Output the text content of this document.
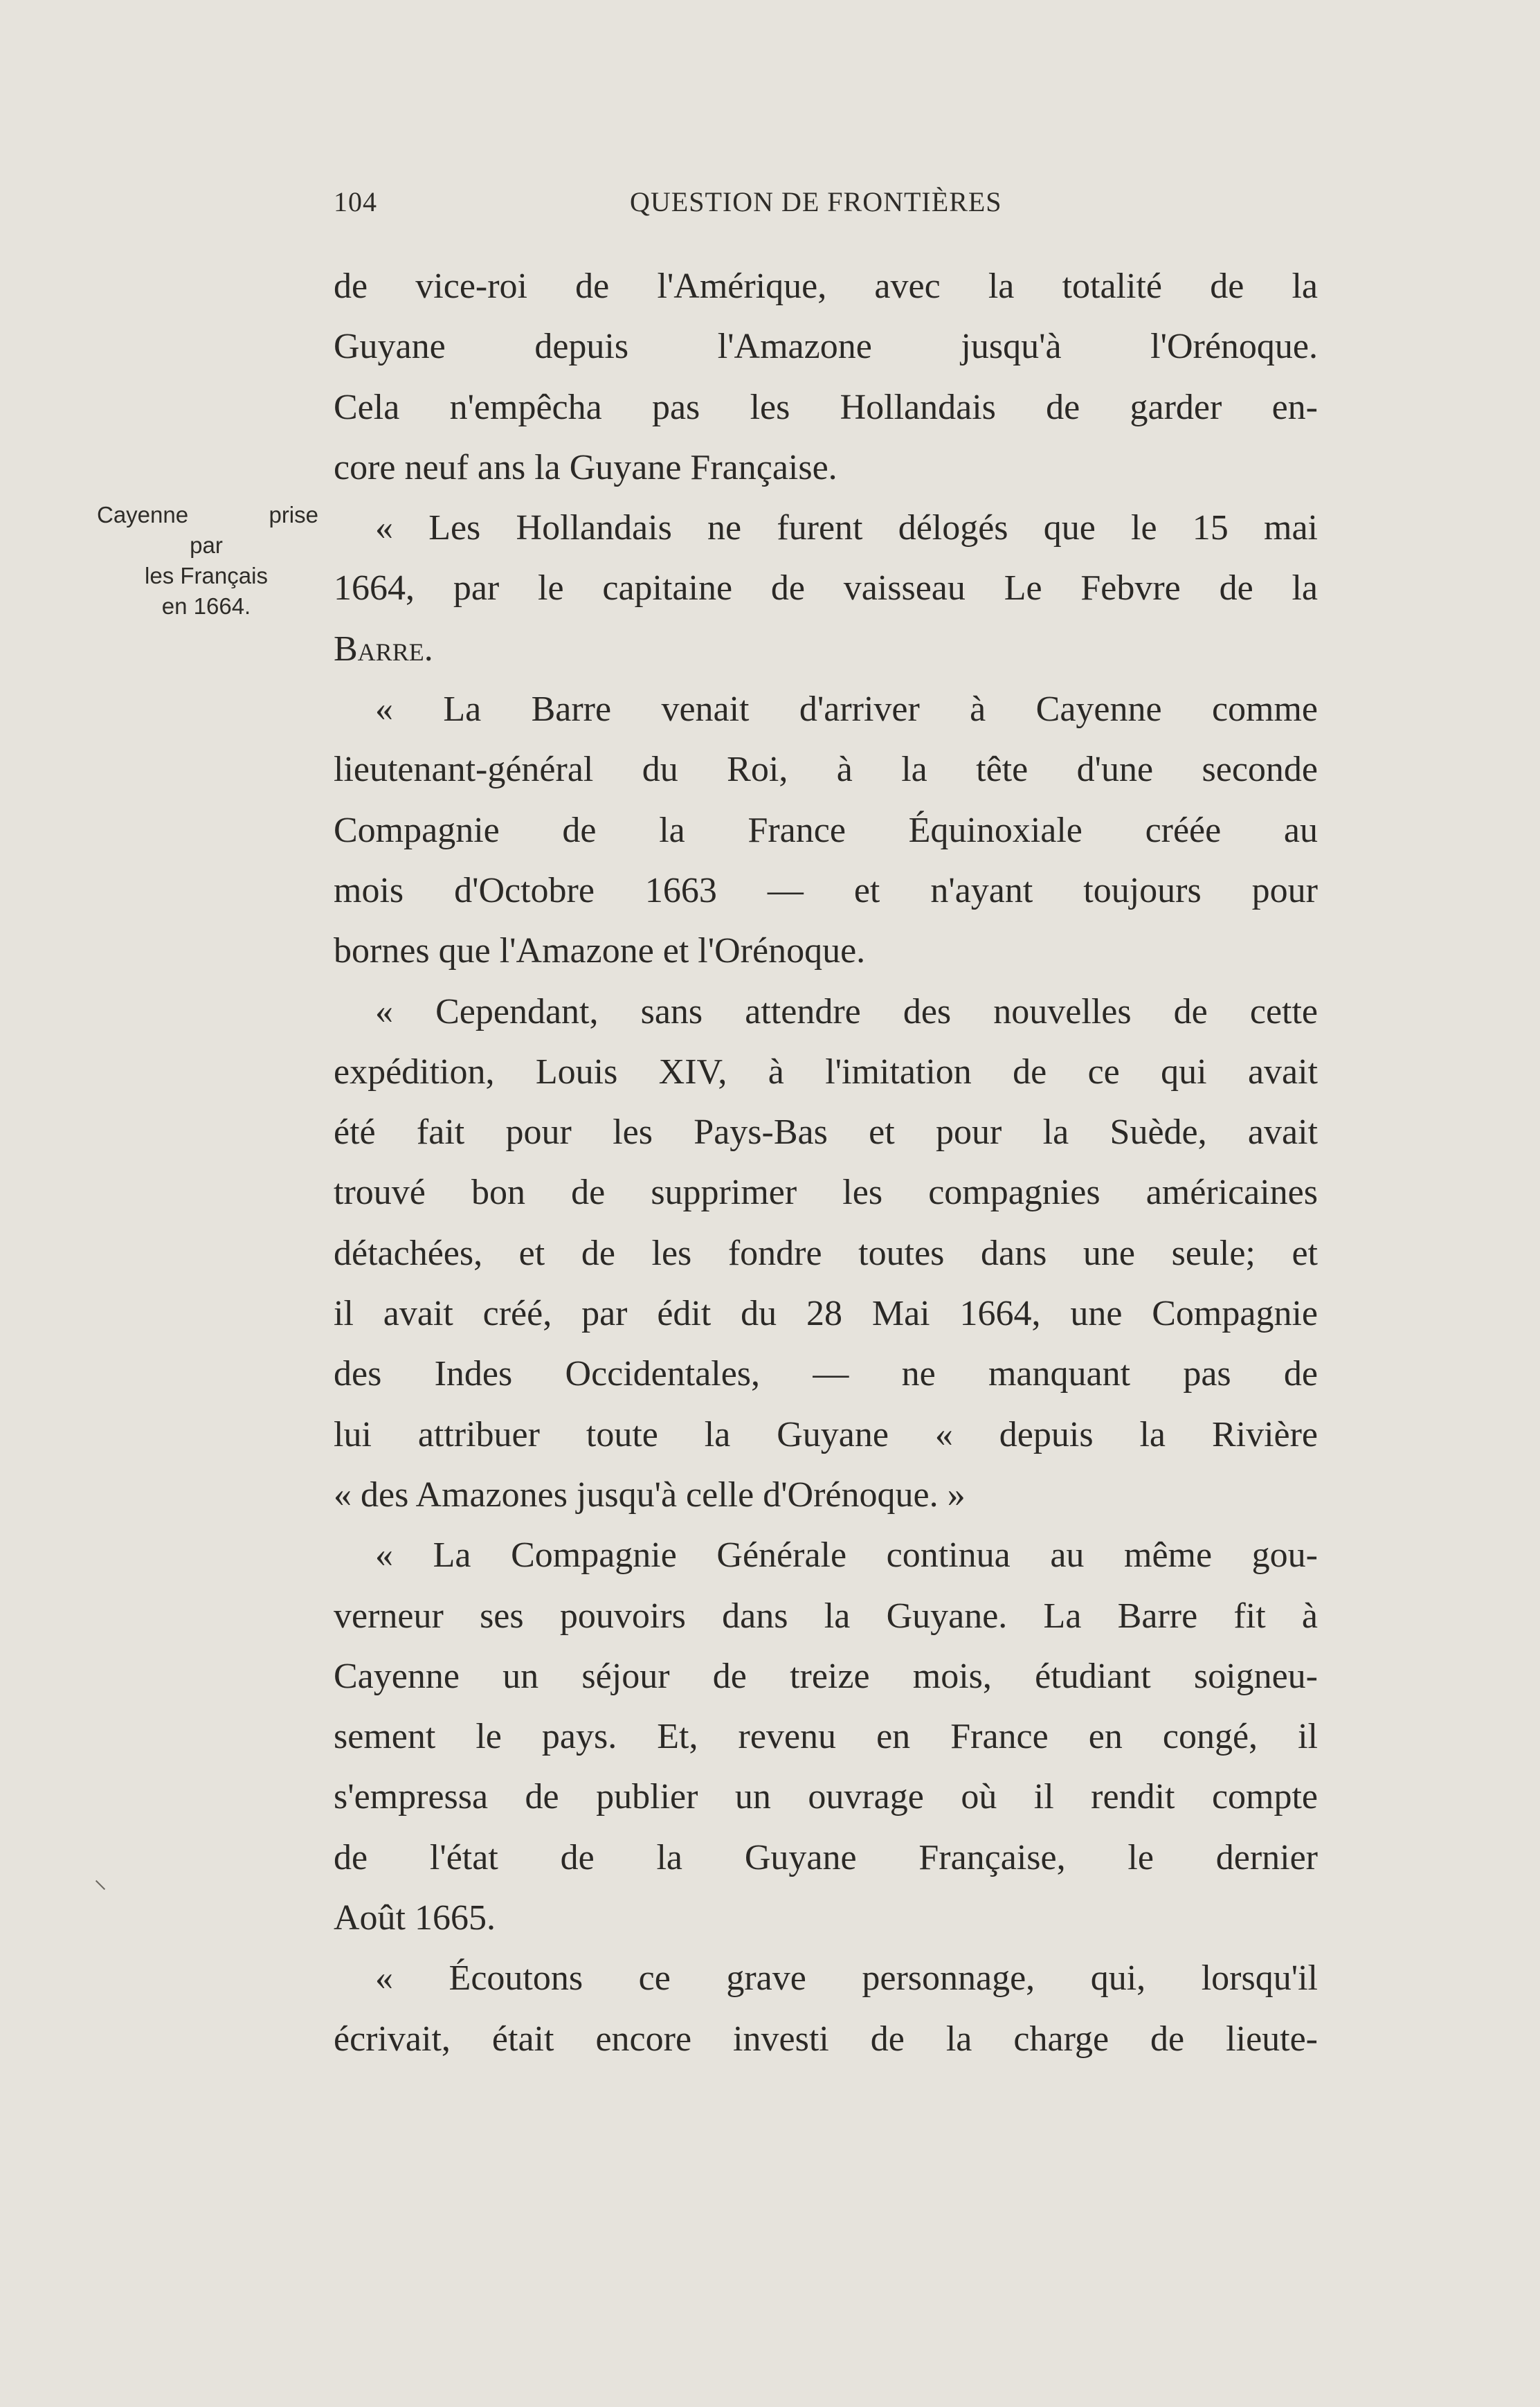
104	QUESTION DE FRONTIÈRES
Cayenne prise
par
les Français
en 1664.
de vice-roi de l'Amérique, avec la totalité de la
Guyane depuis l'Amazone jusqu'à l'Orénoque.
Cela n'empêcha pas les Hollandais de garder en-
core neuf ans la Guyane Française.
« Les Hollandais ne furent délogés que le 15 mai
1664, par le capitaine de vaisseau Le Febvre de la
Barre.
« La Barre venait d'arriver à Cayenne comme
lieutenant-général du Roi, à la tête d'une seconde
Compagnie de la France Équinoxiale créée au
mois d'Octobre 1663 — et n'ayant toujours pour
bornes que l'Amazone et l'Orénoque.
« Cependant, sans attendre des nouvelles de cette
expédition, Louis XIV, à l'imitation de ce qui avait
été fait pour les Pays-Bas et pour la Suède, avait
trouvé bon de supprimer les compagnies américaines
détachées, et de les fondre toutes dans une seule; et
il avait créé, par édit du 28 Mai 1664, une Compagnie
des Indes Occidentales, — ne manquant pas de
lui attribuer toute la Guyane « depuis la Rivière
« des Amazones jusqu'à celle d'Orénoque. »
« La Compagnie Générale continua au même gou-
verneur ses pouvoirs dans la Guyane. La Barre fit à
Cayenne un séjour de treize mois, étudiant soigneu-
sement le pays. Et, revenu en France en congé, il
s'empressa de publier un ouvrage où il rendit compte
de l'état de la Guyane Française, le dernier
Août 1665.
« Écoutons ce grave personnage, qui, lorsqu'il
écrivait, était encore investi de la charge de lieute-
